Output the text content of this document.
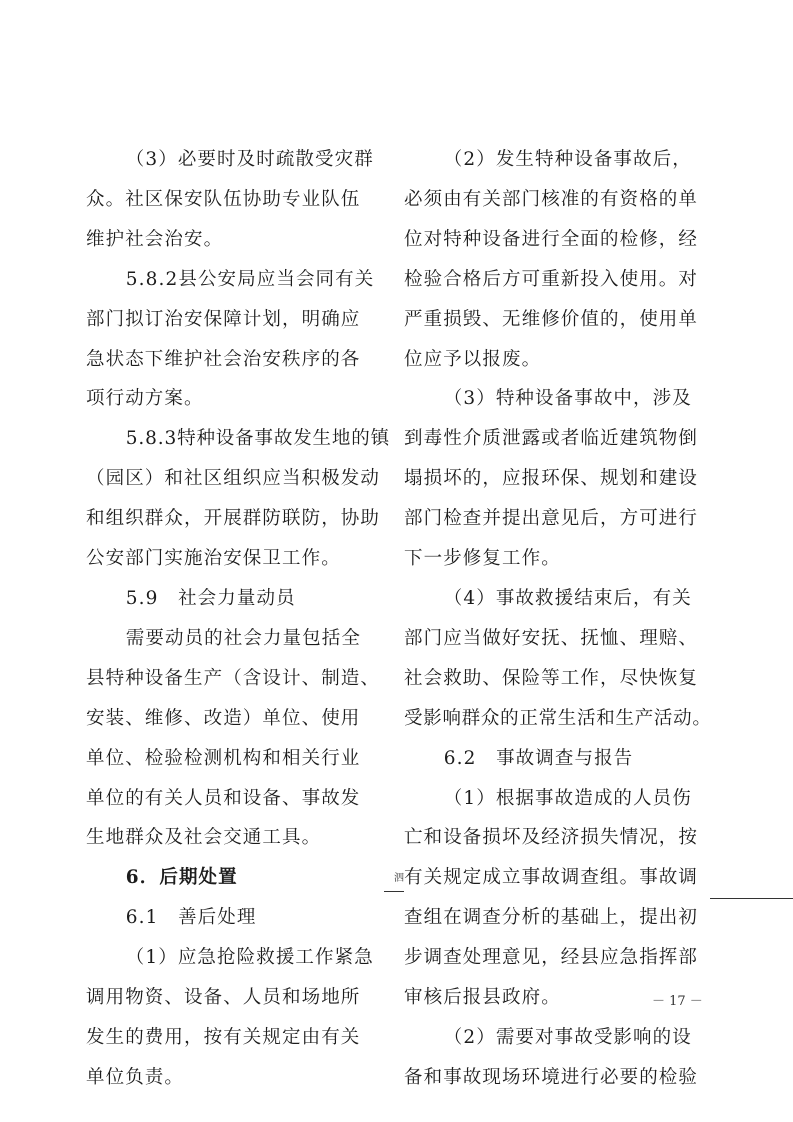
（3）必要时及时疏散受灾群
众。社区保安队伍协助专业队伍
维护社会治安。

5.8.2县公安局应当会同有关
部门拟订治安保障计划，明确应
急状态下维护社会治安秩序的各
项行动方案。

5.8.3特种设备事故发生地的镇
（园区）和社区组织应当积极发动
和组织群众，开展群防联防，协助
公安部门实施治安保卫工作。

5.9　社会力量动员

需要动员的社会力量包括全
县特种设备生产（含设计、制造、
安装、维修、改造）单位、使用
单位、检验检测机构和相关行业
单位的有关人员和设备、事故发
生地群众及社会交通工具。

6．后期处置

6.1　善后处理

（1）应急抢险救援工作紧急
调用物资、设备、人员和场地所
发生的费用，按有关规定由有关
单位负责。

（2）发生特种设备事故后，
必须由有关部门核准的有资格的单
位对特种设备进行全面的检修，经
检验合格后方可重新投入使用。对
严重损毁、无维修价值的，使用单
位应予以报废。

（3）特种设备事故中，涉及
到毒性介质泄露或者临近建筑物倒
塌损坏的，应报环保、规划和建设
部门检查并提出意见后，方可进行
下一步修复工作。

（4）事故救援结束后，有关
部门应当做好安抚、抚恤、理赔、
社会救助、保险等工作，尽快恢复
受影响群众的正常生活和生产活动。

6.2　事故调查与报告

（1）根据事故造成的人员伤
亡和设备损坏及经济损失情况，按
有关规定成立事故调查组。事故调
查组在调查分析的基础上，提出初
步调查处理意见，经县应急指挥部
审核后报县政府。

（2）需要对事故受影响的设
备和事故现场环境进行必要的检验

泗
－ 17 －
